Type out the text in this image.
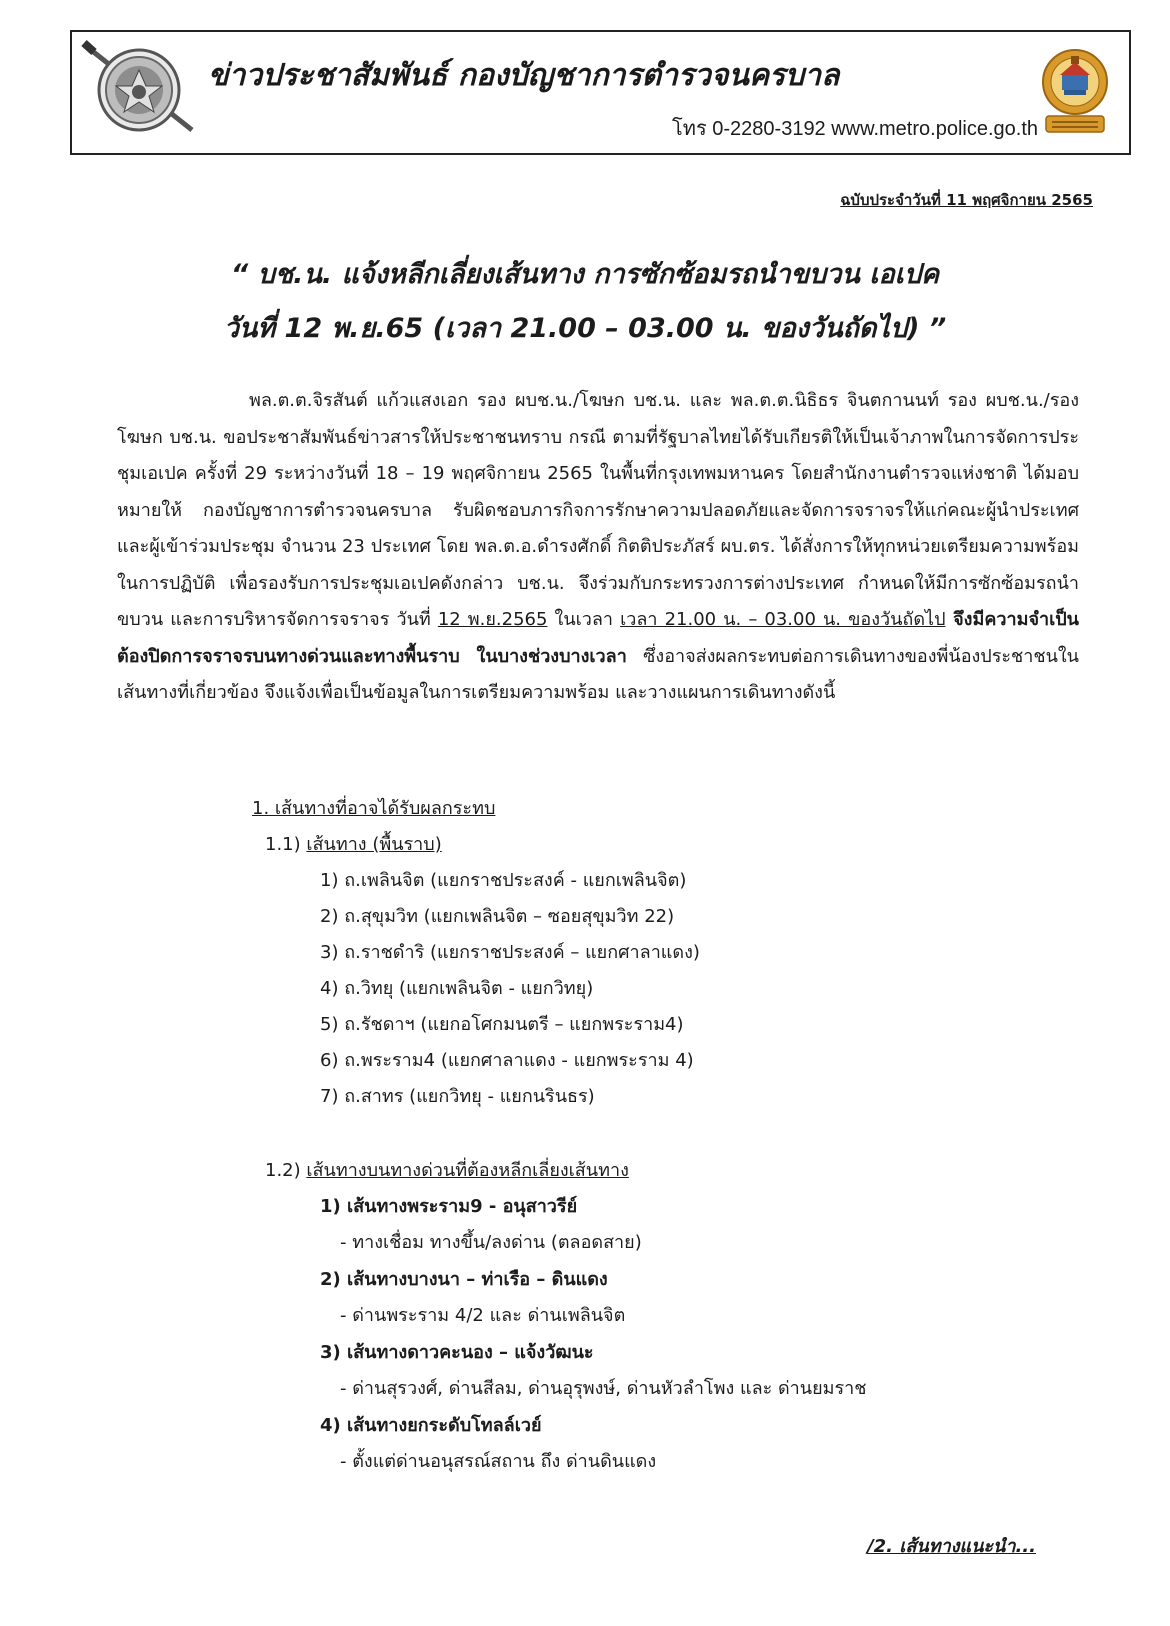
ข่าวประชาสัมพันธ์ กองบัญชาการตำรวจนครบาล
โทร 0-2280-3192 www.metro.police.go.th
ฉบับประจำวันที่ 11 พฤศจิกายน 2565
“ บช.น. แจ้งหลีกเลี่ยงเส้นทาง การซักซ้อมรถนำขบวน เอเปค
วันที่ 12 พ.ย.65 (เวลา 21.00 – 03.00 น. ของวันถัดไป) ”
พล.ต.ต.จิรสันต์ แก้วแสงเอก รอง ผบช.น./โฆษก บช.น. และ พล.ต.ต.นิธิธร จินตกานนท์ รอง ผบช.น./รอง โฆษก บช.น. ขอประชาสัมพันธ์ข่าวสารให้ประชาชนทราบ กรณี ตามที่รัฐบาลไทยได้รับเกียรติให้เป็นเจ้าภาพในการจัดการประชุมเอเปค ครั้งที่ 29 ระหว่างวันที่ 18 – 19 พฤศจิกายน 2565 ในพื้นที่กรุงเทพมหานคร โดยสำนักงานตำรวจแห่งชาติ ได้มอบหมายให้ กองบัญชาการตำรวจนครบาล รับผิดชอบภารกิจการรักษาความปลอดภัยและจัดการจราจรให้แก่คณะผู้นำประเทศ และผู้เข้าร่วมประชุม จำนวน 23 ประเทศ โดย พล.ต.อ.ดำรงศักดิ์ กิตติประภัสร์ ผบ.ตร. ได้สั่งการให้ทุกหน่วยเตรียมความพร้อมในการปฏิบัติ เพื่อรองรับการประชุมเอเปคดังกล่าว บช.น. จึงร่วมกับกระทรวงการต่างประเทศ กำหนดให้มีการซักซ้อมรถนำขบวน และการบริหารจัดการจราจร วันที่ 12 พ.ย.2565 ในเวลา เวลา 21.00 น. – 03.00 น. ของวันถัดไป จึงมีความจำเป็นต้องปิดการจราจรบนทางด่วนและทางพื้นราบ ในบางช่วงบางเวลา ซึ่งอาจส่งผลกระทบต่อการเดินทางของพี่น้องประชาชนในเส้นทางที่เกี่ยวข้อง จึงแจ้งเพื่อเป็นข้อมูลในการเตรียมความพร้อม และวางแผนการเดินทางดังนี้
1. เส้นทางที่อาจได้รับผลกระทบ
1.1) เส้นทาง (พื้นราบ)
1) ถ.เพลินจิต (แยกราชประสงค์ - แยกเพลินจิต)
2) ถ.สุขุมวิท (แยกเพลินจิต – ซอยสุขุมวิท 22)
3) ถ.ราชดำริ (แยกราชประสงค์ – แยกศาลาแดง)
4) ถ.วิทยุ (แยกเพลินจิต - แยกวิทยุ)
5) ถ.รัชดาฯ (แยกอโศกมนตรี – แยกพระราม4)
6) ถ.พระราม4 (แยกศาลาแดง - แยกพระราม 4)
7) ถ.สาทร (แยกวิทยุ - แยกนรินธร)
1.2) เส้นทางบนทางด่วนที่ต้องหลีกเลี่ยงเส้นทาง
1) เส้นทางพระราม9 - อนุสาวรีย์
- ทางเชื่อม ทางขึ้น/ลงด่าน (ตลอดสาย)
2) เส้นทางบางนา – ท่าเรือ – ดินแดง
- ด่านพระราม 4/2 และ ด่านเพลินจิต
3) เส้นทางดาวคะนอง – แจ้งวัฒนะ
- ด่านสุรวงศ์, ด่านสีลม, ด่านอุรุพงษ์, ด่านหัวลำโพง และ ด่านยมราช
4) เส้นทางยกระดับโทลล์เวย์
- ตั้งแต่ด่านอนุสรณ์สถาน ถึง ด่านดินแดง
/2. เส้นทางแนะนำ...
